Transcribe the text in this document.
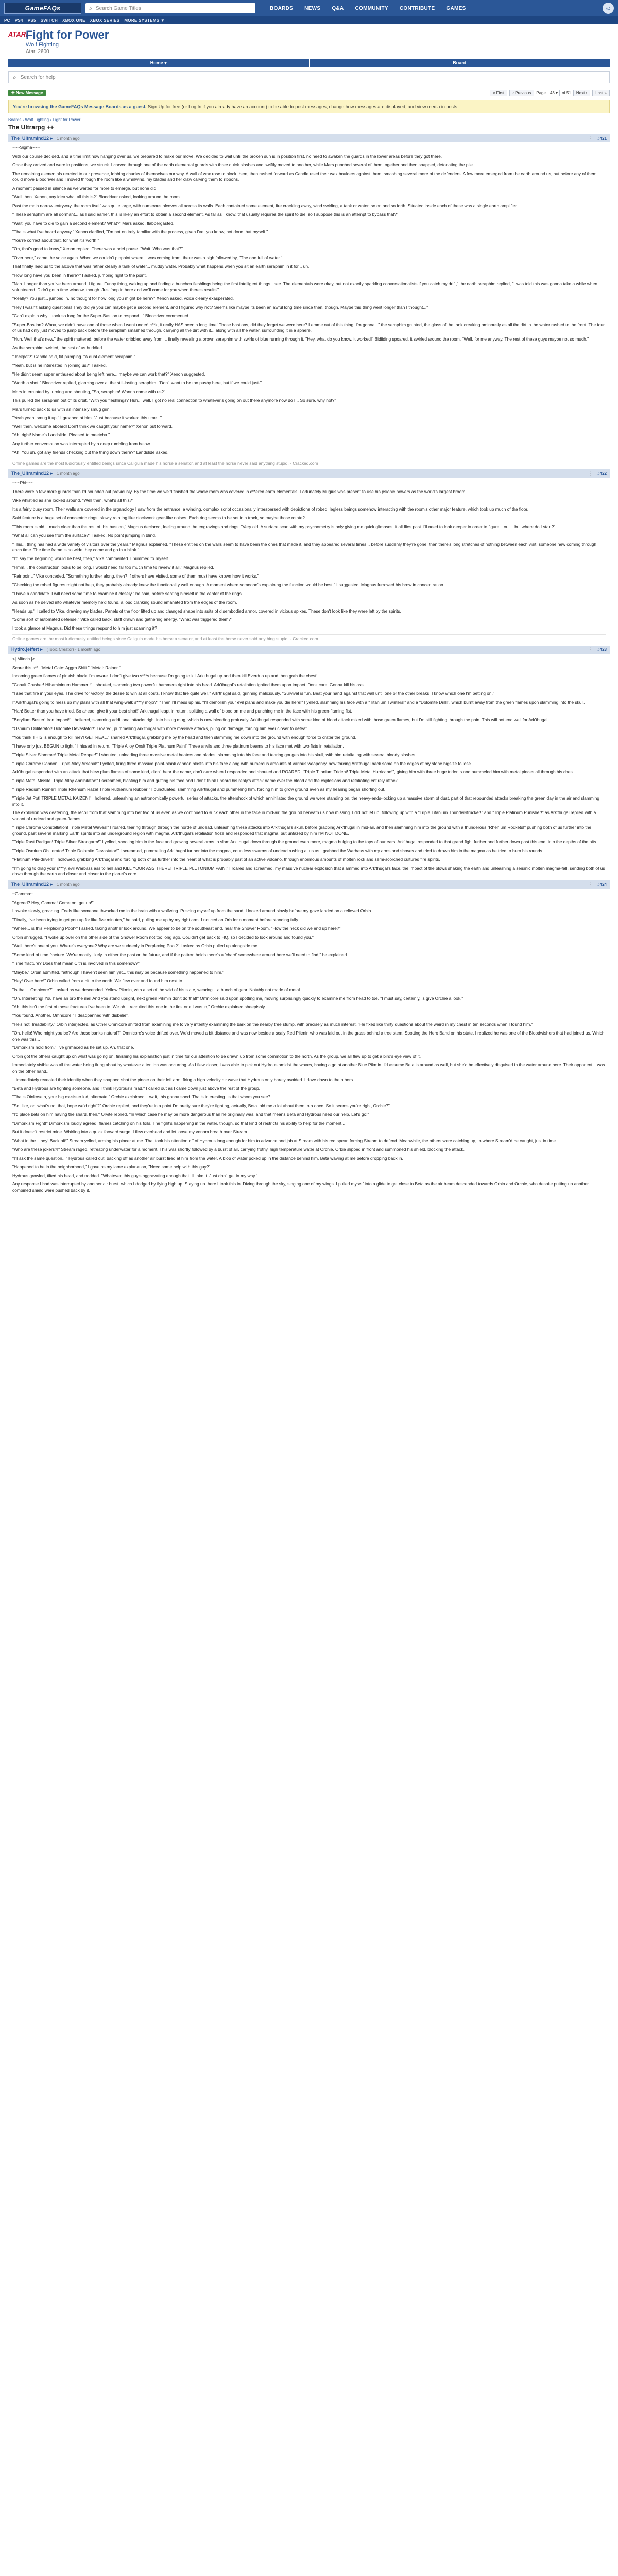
GameFAQs	⌕ Search Game Titles	BOARDS NEWS Q&A COMMUNITY CONTRIBUTE GAMES	☺
PC PS4 PS5 SWITCH XBOX ONE XBOX SERIES MORE SYSTEMS ▼
ATARI
Fight for Power
Wolf Fighting
Atari 2600
Home ▾	Board
⌕ Search for help
✚ New Message	« First	‹ Previous	Page	43 ▾	of 51	Next ›	Last »
You're browsing the GameFAQs Message Boards as a guest. Sign Up for free (or Log In if you already have an account) to be able to post messages, change how messages are displayed, and view media in posts.
Boards › Wolf Fighting › Fight for Power
The Ultrarpg ++
The_Ultramind12 ▸ 1 month ago	⋮ #421

~~~Sigma~~~

With our course decided, and a time limit now hanging over us, we prepared to make our move. We decided to wait until the broken sun is in position first, no need to awaken the guards in the lower areas before they got there.

Once they arrived and were in positions, we struck. I carved through one of the earth elemental guards with three quick slashes and swiftly moved to another, while Mars punched several of them together and then snapped, detonating the pile.

The remaining elementals reacted to our presence, lobbing chunks of themselves our way. A wall of wax rose to block them, then rushed forward as Candle used their wax boulders against them, smashing several more of the defenders. A few more emerged from the earth around us, but before any of them could move Bloodriver and I moved through the room like a whirlwind, my blades and her claw carving them to ribbons.

A moment passed in silence as we waited for more to emerge, but none did.

"Well then. Xenon, any idea what all this is?" Bloodriver asked, looking around the room.

Past the main narrow entryway, the room itself was quite large, with numerous alcoves all across its walls. Each contained some element, fire crackling away, wind swirling, a tank or water, so on and so forth. Situated inside each of these was a single earth amplifier.

"These seraphim are all dormant... as I said earlier, this is likely an effort to obtain a second element. As far as I know, that usually requires the spirit to die, so I suppose this is an attempt to bypass that?"

"Wait, you have to die to gain a second element? What?" Mars asked, flabbergasted.

"That's what I've heard anyway," Xenon clarified, "I'm not entirely familiar with the process, given I've, you know, not done that myself."

"You're correct about that, for what it's worth."

"Oh, that's good to know," Xenon replied. There was a brief pause. "Wait. Who was that?"

"Over here," came the voice again. When we couldn't pinpoint where it was coming from, there was a sigh followed by, "The one full of water."

That finally lead us to the alcove that was rather clearly a tank of water... muddy water. Probably what happens when you sit an earth seraphim in it for... uh.

"How long have you been in there?" I asked, jumping right to the point.

"Nah. Longer than you've been around, I figure. Funny thing, waking up and finding a bunchca fleshlings being the first intelligent things I see. The elementals were okay, but not exactly sparkling conversationalists if you catch my drift," the earth seraphim replied, "I was told this was gonna take a while when I volunteered. Didn't get a time window, though. Just 'hop in here and we'll come for you when there's results'"

"Really? You just... jumped in, no thought for how long you might be here?" Xenon asked, voice clearly exasperated.

"Hey I wasn't asking questions! They did ya you can maybe get a second element, and I figured why not? Seems like maybe its been an awful long time since then, though. Maybe this thing went longer than I thought..."

"Can't explain why it took so long for the Super-Bastion to respond..." Bloodriver commented.

"Super-Bastion? Whoa, we didn't have one of those when I went under! c**k, it really HAS been a long time! Those bastions, did they forget we were here? Lemme out of this thing, I'm gonna..." the seraphim grunted, the glass of the tank creaking ominously as all the dirt in the water rushed to the front. The four of us had only just moved to jump back before the seraphim smashed through, carrying all the dirt with it... along with all the water, surrounding it in a sphere.

"Huh. Well that's new," the spirit muttered, before the water dribbled away from it, finally revealing a brown seraphim with swirls of blue running through it. "Hey, what do you know, it worked!" Bidiiding spoared, it swirled around the room. "Well, for me anyway. The rest of these guys maybe not so much."

As the seraphim swirled, the rest of us huddled.

"Jackpot?" Candle said, flit pumping. "A dual element seraphim!"

"Yeah, but is he interested in joining us?" I asked.

"He didn't seem super enthused about being left here... maybe we can work that?" Xenon suggested.

"Worth a shot," Bloodriver replied, glancing over at the still-lasting seraphim. "Don't want to be too pushy here, but if we could just-"

Mars interrupted by turning and shouting, "So, seraphim! Wanna come with us?"

This pulled the seraphim out of its orbit. "With you fleshlings? Huh... well, I got no real connection to whatever's going on out there anymore now do I... So sure, why not?"

Mars turned back to us with an intensely smug grin.

"Yeah yeah, smug it up," I groaned at him. "Just because it worked this time..."

"Well then, welcome aboard! Don't think we caught your name?" Xenon put forward.

"Ah, right! Name's Landslide. Pleased to meetcha."

Any further conversation was interrupted by a deep rumbling from below.

"Ah. You uh, got any friends checking out the thing down there?" Landslide asked.

Online games are the most ludicrously entitled beings since Caligula made his horse a senator, and at least the horse never said anything stupid. - Cracked.com

The_Ultramind12 ▸ 1 month ago	⋮ #422

~~~Phi~~~

There were a few more guards than I'd sounded out previously. By the time we we'd finished the whole room was covered in c**ered earth elementals. Fortunately Mugius was present to use his psionic powers as the world's largest broom.

Vike whistled as she looked around. "Well then, what's all this?"

It's a fairly busy room. Their walls are covered in the organology I saw from the entrance, a winding, complex script occasionally interspersed with depictions of robed, legless beings somehow interacting with the room's other major feature, which took up much of the floor.

Said feature is a huge set of concentric rings, slowly rotating like clockwork gear-like noises. Each ring seems to be set in a track, so maybe those rotate?

"This room is old... much older than the rest of this bastion," Magnus declared, feeling around the engravings and rings. "Very old. A surface scan with my psychometry is only giving me quick glimpses, it all flies past. I'll need to look deeper in order to figure it out... but where do I start?"

"What all can you see from the surface?" I asked. No point jumping in blind.

"This... thing has had a wide variety of visitors over the years," Magnus explained, "These entities on the walls seem to have been the ones that made it, and they appeared several times... before suddenly they're gone, then there's long stretches of nothing between each visit, someone new coming through each time. The time frame is so wide they come and go in a blink."

"I'd say the beginning would be best, then," Vike commented. I hummed to myself.

"Hmm... the construction looks to be long, I would need far too much time to review it all," Magnus replied.

"Fair point," Vike conceded. "Something further along, then? If others have visited, some of them must have known how it works."

"Checking the robed figures might not help, they probably already knew the functionality well enough. A moment where someone's explaining the function would be best," I suggested. Magnus furrowed his brow in concentration.

"I have a candidate. I will need some time to examine it closely," he said, before seating himself in the center of the rings.

As soon as he delved into whatever memory he'd found, a loud clanking sound emanated from the edges of the room.

"Heads up," I called to Vike, drawing my blades. Panels of the floor lifted up and changed shape into suits of disembodied armor, covered in vicious spikes. These don't look like they were left by the spirits.

"Some sort of automated defense," Vike called back, staff drawn and gathering energy. "What was triggered them?"

I took a glance at Magnus. Did these things respond to him just scanning it?

Online games are the most ludicrously entitled beings since Caligula made his horse a senator, and at least the horse never said anything stupid. - Cracked.com

Hydro.jeffert ▸ (Topic Creator) · 1 month ago	⋮ #423

<| Mitoch |>

Score this s**. "Metal Gate: Aggro Shift." "Metal: Rainer."

Incoming green flames of pinkish black. I'm aware. I don't give two s***s because I'm going to kill Ark'thugal up and then kill Everduo up and then grab the chest!

"Cobalt Crusher! Hibamininum Hammer!!" I shouted, slamming two powerful hammers right into his head. Ark'thugal's retaliation ignited them upon impact. Don't care. Gonna kill his ass.

"I see that fire in your eyes. The drive for victory, the desire to win at all costs. I know that fire quite well," Ark'thugal said, grinning maliciously. "Survival is fun. Beat your hand against that wall until one or the other breaks. I know which one I'm betting on."

If Ark'thugal's going to mess up my plans with all that wing-walk s***y mojo?" "Then I'll mess up his. "I'll demolish your evil plans and make you die here!" I yelled, slamming his face with a "Titanium Twisters!" and a "Dolomite Drill!", which burnt away from the green flames upon slamming into the skull.

"Hah! Better than you have tried. So ahead, give it your best shot!" Ark'thugal leapt in return, splitting a wall of blood on me and punching me in the face with his green-flaming fist.

"Berylium Buster! Iron Impact!" I hollered, slamming additional attacks right into his ug mug, which is now bleeding profusely. Ark'thugal responded with some kind of blood attack mixed with those green flames, but I'm still fighting through the pain. This will not end well for Ark'thugal.

"Osmium Obliterator! Dolomite Devastator!" I roared, pummelling Ark'thugal with more massive attacks, piling on damage, forcing him ever closer to defeat.

"You think THIS is enough to kill me?! GET REAL," snarled Ark'thugal, grabbing me by the head and then slamming me down into the ground with enough force to crater the ground.

"I have only just BEGUN to fight!" I hissed in return. "Triple Alloy Onslt Triple Platinum Pain!" Three anvils and three platinum beams to his face met with two fists in retaliation.

"Triple Silver Slammer! Triple Metal Reaper!" I shouted, unloading three massive metal beaters and blades, slamming into his face and tearing gouges into his skull, with him retaliating with several bloody slashes.

"Triple Chrome Cannon! Triple Alloy Arsenal!" I yelled, firing three massive point-blank cannon blasts into his face along with numerous amounts of various weaponry, now forcing Ark'thugal back some on the edges of my stone bigsize to lose.

Ark'thugal responded with an attack that blew plum flames of some kind, didn't hear the name, don't care when I responded and shouted and ROARED. "Triple Titanium Trident! Triple Metal Hurricane!", giving him with three huge tridents and pummeled him with metal pieces all through his chest.

"Triple Metal Missile! Triple Alloy Annihilator!" I screamed, blasting him and gutting his face and I don't think I heard his reply's attack name over the blood and the explosions and retaliating entirely attack.

"Triple Radium Ruiner! Triple Rhenium Raze! Triple Ruthenium Rubber!" I punctuated, slamming Ark'thugal and pummeling him, forcing him to grow ground even as my hearing began shorting out.

"Triple Jet Pot! TRIPLE METAL KAIZEN!" I hollered, unleashing an astronomically powerful series of attacks, the aftershock of which annihilated the ground we were standing on, the heavy-ends-locking up a massive storm of dust, part of that rebounded attacks breaking the green day in the air and slamming into it.

The explosion was deafening, the recoil from that slamming into her two of us even as we continued to suck each other in the face in mid-air, the ground beneath us now missing. I did not let up, following up with a "Triple Titanium Thunderstrucker!" and "Triple Platinum Punisher!" as Ark'thugal replied with a variant of undead and green-flames.

"Triple Chrome Constellation! Triple Metal Waves!" I roared, tearing through through the horde of undead, unleashing these attacks into Ark'thugal's skull, before grabbing Ark'thugal in mid-air, and then slamming him into the ground with a thunderous "Rhenium Rockets!" pushing both of us further into the ground, past several marking Earth spirits into an underground region with magma. Ark'thugal's retaliation froze and responded that magma, but unfazed by him I'M NOT DONE.

"Triple Rust Radigan! Triple Silver Strongarm!" I yelled, shooting him in the face and growing several arms to slam Ark'thugal down through the ground even more, magma bulging to the tops of our ears. Ark'thugal responded to that grand fight further and further down past this end, into the depths of the pits.

"Triple Osmium Obliterator! Triple Dolomite Devastator!" I screamed, pummelling Ark'thugal further into the magma, countless swarms of undead rushing at us as I grabbed the Warbass with my arms and shoves and tried to drown him in the magma as he tried to burn his rounds.

"Platinum Pile-driver!" I hollowed, grabbing Ark'thugal and forcing both of us further into the heart of what is probably part of an active volcano, through enormous amounts of molten rock and semi-scorched cultured fire spirits.

"I'm going to drag your s***y, evil Warbass ass to hell and KILL YOUR ASS THERE! TRIPLE PLUTONIUM PAIN!" I roared and screamed, my massive nuclear explosion that slammed into Ark'thugal's face, the impact of the blows shaking the earth and unleashing a seismic molten magma-fall, sending both of us down through the earth and closer and closer to the planet's core.

The_Ultramind12 ▸ 1 month ago	⋮ #424

~Gamma~

"Agreed? Hey, Gamma! Come on, get up!"

I awoke slowly, groaning. Feels like someone thwacked me in the brain with a wolfwing. Pushing myself up from the sand, I looked around slowly before my gaze landed on a relieved Orbin.

"Finally, I've been trying to get you up for like five minutes," he said, pulling me up by my right arm. I noticed an Orb for a moment before standing fully.

"Where... is this Perplexing Pool?" I asked, taking another look around. We appear to be on the southeast end, near the Shower Room. "How the heck did we end up here?"

Orbin shrugged. "I woke up over on the other side of the Shower Room not too long ago. Couldn't get back to HQ, so I decided to look around and found you."

"Well there's one of you. Where's everyone? Why are we suddenly in Perplexing Pool?" I asked as Orbin pulled up alongside me.

"Some kind of time fracture. We're mostly likely in either the past or the future, and if the pattern holds there's a 'chard' somewhere around here we'll need to find," he explained.

"Time fracture? Does that mean Citri is involved in this somehow?"

"Maybe," Orbin admitted, "although I haven't seen him yet... this may be because something happened to him."

"Hey! Over here!" Orbin called from a bit to the north. We flew over and found him next to

"Is that... Omnicore?" I asked as we descended. Yellow Pikmin, with a set of the wild of his state, wearing... a bunch of gear. Notably not made of metal.

"Oh. Interesting! You have an orb the me! And you stand upright, next green Pikmin don't do that!" Omnicore said upon spotting me, moving surprisingly quickly to examine me from head to toe. "I must say, certainly, is give Orchie a look."

"Ah, this isn't the first of these fractures I've been to. We oh... recruited this one in the first one I was in," Orchie explained sheepishly.

"You found. Another. Omnicore," I deadpanned with disbelief.

"He's not! Ireadability," Orbin interjected, as Other Omnicore shifted from examining me to very intently examining the bark on the nearby tree stump, with precisely as much interest. "He fixed like thirty questions about the weird in my chest in ten seconds when I found him."

"Oh, hello! Who might you be? Are those banks natural?" Omnicore's voice drifted over. We'd moved a bit distance and was now beside a scaly Red Pikmin who was laid out in the grass behind a tree stem. Spotting the Hero Band on his state, I realized he was one of the Bloodwishers that had joined us. Which one was this...

"Dimorkism hold from," I've grimaced as he sat up. Ah, that one.

Orbin got the others caught up on what was going on, finishing his explanation just in time for our attention to be drawn up from some commotion to the north. As the group, we all flew up to get a bird's eye view of it.

Immediately visible was all the water being flung about by whatever attention was occurring. As I flew closer, I was able to pick out Hydrous amidst the waves, having a go at another Blue Pikmin. I'd assume Beta is around as well, but she'd be effectively disguised in the water around here. Their opponent... was on the other hand...

...immediately revealed their identity when they snapped shot the pincer on their left arm, firing a high velocity air wave that Hydrous only barely avoided. I dove down to the others.

"Beta and Hydrous are fighting someone, and I think Hydrous's mad," I called out as I came down just above the rest of the group.

"That's Oinkoseta, your big ex-sister kid, alternate," Orchie exclaimed... wait, this gonna shed. That's interesting. Is that whom you see?

"So, like, on 'what's not that, hope we'd right'?" Orchie replied, and they're in a point I'm pretty sure they're fighting, actually, Beta told me a lot about them to a once. So it seems you're right, Orchie?"

"I'd place bets on him having the shard, then," Orvite replied, "In which case he may be more dangerous than he originally was, and that means Beta and Hydrous need our help. Let's go!"

"Dimorkism Fight!" Dimorkism loudly agreed, flames catching on his foils. The fight's happening in the water, though, so that kind of restricts his ability to help for the moment...

But it doesn't restrict mine. Whirling into a quick forward surge, I flew overhead and let loose my venom breath over Stream.

"What in the... hey! Back off!" Stream yelled, arming his pincer at me. That took his attention off of Hydrous long enough for him to advance and jab at Stream with his red spear, forcing Stream to defend. Meanwhile, the others were catching up, to where Stream'd be caught, just in time.

"Who are these jokers?!" Stream raged, retreating underwater for a moment. This was shortly followed by a burst of air, carrying frothy, high temperature water at Orchie. Orbie slipped in front and summoned his shield, blocking the attack.

"I'll ask the same question..." Hydrous called out, backing off as another air burst fired at him from the water. A blob of water poked up in the distance behind him, Beta waving at me before dropping back in.

"Happened to be in the neighborhood," I gave as my lame explanation, "Need some help with this guy?"

Hydrous growled, tilted his head, and nodded. "Whatever, this guy's aggravating enough that I'll take it. Just don't get in my way."

Any response I had was interrupted by another air burst, which I dodged by flying high up. Staying up there I took this in. Diving through the sky, singing one of my wings. I pulled myself into a glide to get close to Beta as the air beam descended towards Orbin and Orchie, who despite putting up another combined shield were pushed back by it.
